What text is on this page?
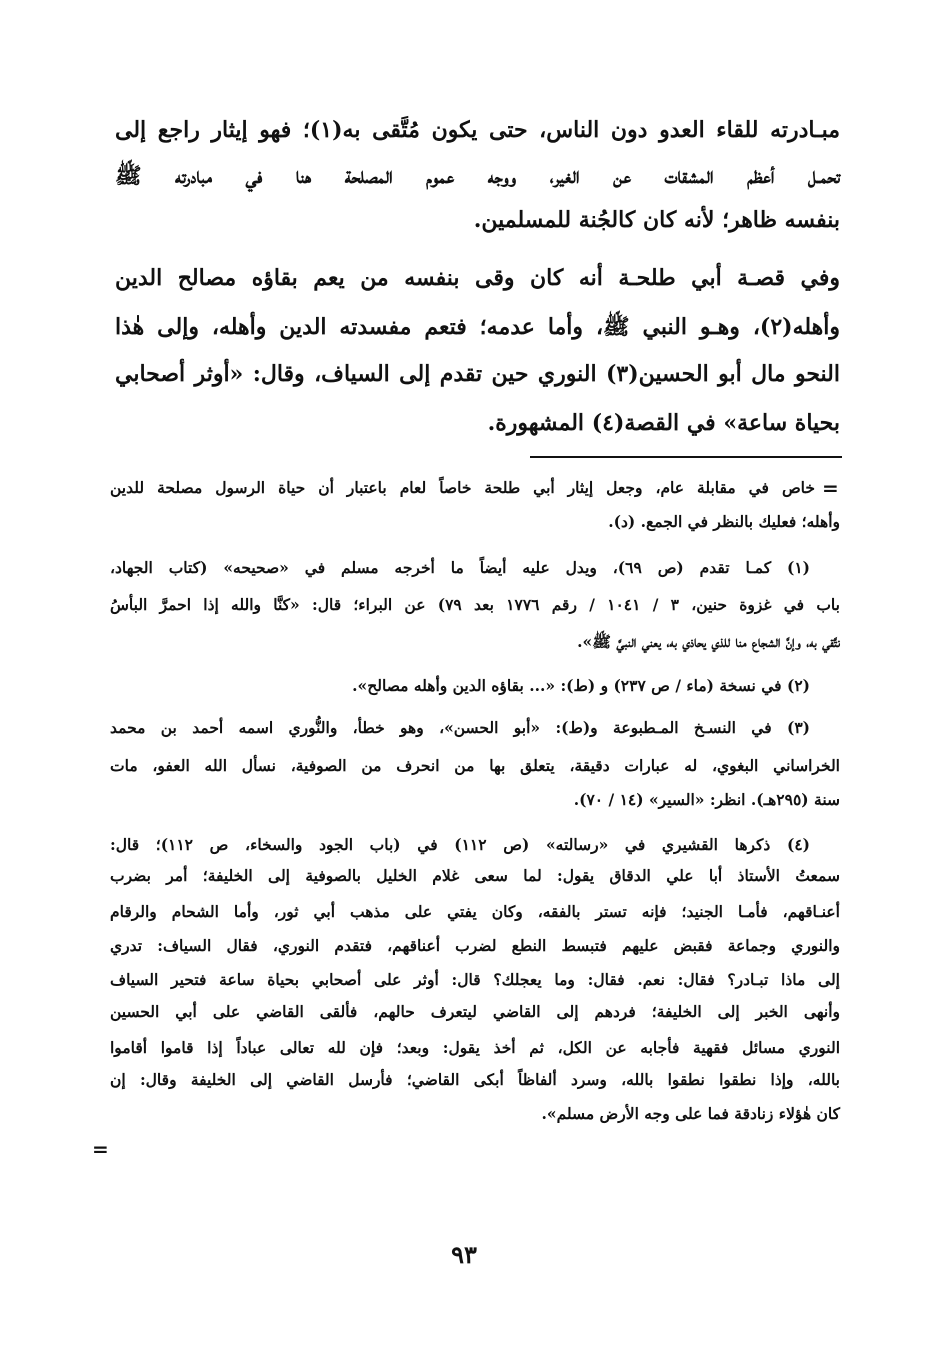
مبـادرته للقاء العدو دون الناس، حتى يكون مُتَّقى به(١)؛ فهو إيثار راجع إلى
تحمـل أعظم المشقات عن الغير، ووجه عموم المصلحة هنا في مبادرته ﷺ
بنفسه ظاهر؛ لأنه كان كالجُنة للمسلمين.
وفي قصـة أبي طلحـة أنه كان وقى بنفسه من يعم بقاؤه مصالح الدين
وأهله(٢)، وهـو النبي ﷺ، وأما عدمه؛ فتعم مفسدته الدين وأهله، وإلى هٰذا
النحو مال أبو الحسين(٣) النوري حين تقدم إلى السياف، وقال: «أوثر أصحابي
بحياة ساعة» في القصة(٤) المشهورة.
=
خاص في مقابلة عام، وجعل إيثار أبي طلحة خاصاً لعام باعتبار أن حياة الرسول مصلحة للدين
وأهله؛ فعليك بالنظر في الجمع. (د).
(١) كمـا تقدم (ص ٦٩)، ويدل عليه أيضاً ما أخرجه مسلم في «صحيحه» (كتاب الجهاد،
باب في غزوة حنين، ٣ / ١٠٤١ / رقم ١٧٧٦ بعد ٧٩) عن البراء؛ قال: «كنَّا والله إذا احمرَّ البأسُ
نتَّقي به، وإنَّ الشجاع منا للذي يحاذي به، يعني النبيَّ ﷺ».
(٢) في نسخة (ماء / ص ٢٣٧) و (ط): «... بقاؤه الدين وأهله مصالح».
(٣) في النسـخ المـطبوعة و(ط): «أبو الحسن»، وهو خطأ، والنُّوري اسمه أحمد بن محمد
الخراساني البغوي، له عبارات دقيقة، يتعلق بها من انحرف من الصوفية، نسأل الله العفو، مات
سنة (٢٩٥هـ). انظر: «السير» (١٤ / ٧٠).
(٤) ذكرها القشيري في «رسالته» (ص ١١٢) في (باب الجود والسخاء، ص ١١٢)؛ قال:
سمعتُ الأستاذ أبا علي الدقاق يقول: لما سعى غلام الخليل بالصوفية إلى الخليفة؛ أمر بضرب
أعنـاقهم، فأمـا الجنيد؛ فإنه تستر بالفقه، وكان يفتي على مذهب أبي ثور، وأما الشحام والرقام
والنوري وجماعة فقبض عليهم فتبسط النطع لضرب أعناقهم، فتقدم النوري، فقال السياف: تدري
إلى ماذا تبـادر؟ فقال: نعم. فقال: وما يعجلك؟ قال: أوثر على أصحابي بحياة ساعة فتحير السياف
وأنهى الخبر إلى الخليفة؛ فردهم إلى القاضي ليتعرف حالهم، فألقى القاضي على أبي الحسين
النوري مسائل فقهية فأجابه عن الكل، ثم أخذ يقول: وبعد؛ فإن لله تعالى عباداً إذا قاموا أقاموا
بالله، وإذا نطقوا نطقوا بالله، وسرد ألفاظاً أبكى القاضي؛ فأرسل القاضي إلى الخليفة وقال: إن
كان هٰؤلاء زنادقة فما على وجه الأرض مسلم».
=
٩٣
